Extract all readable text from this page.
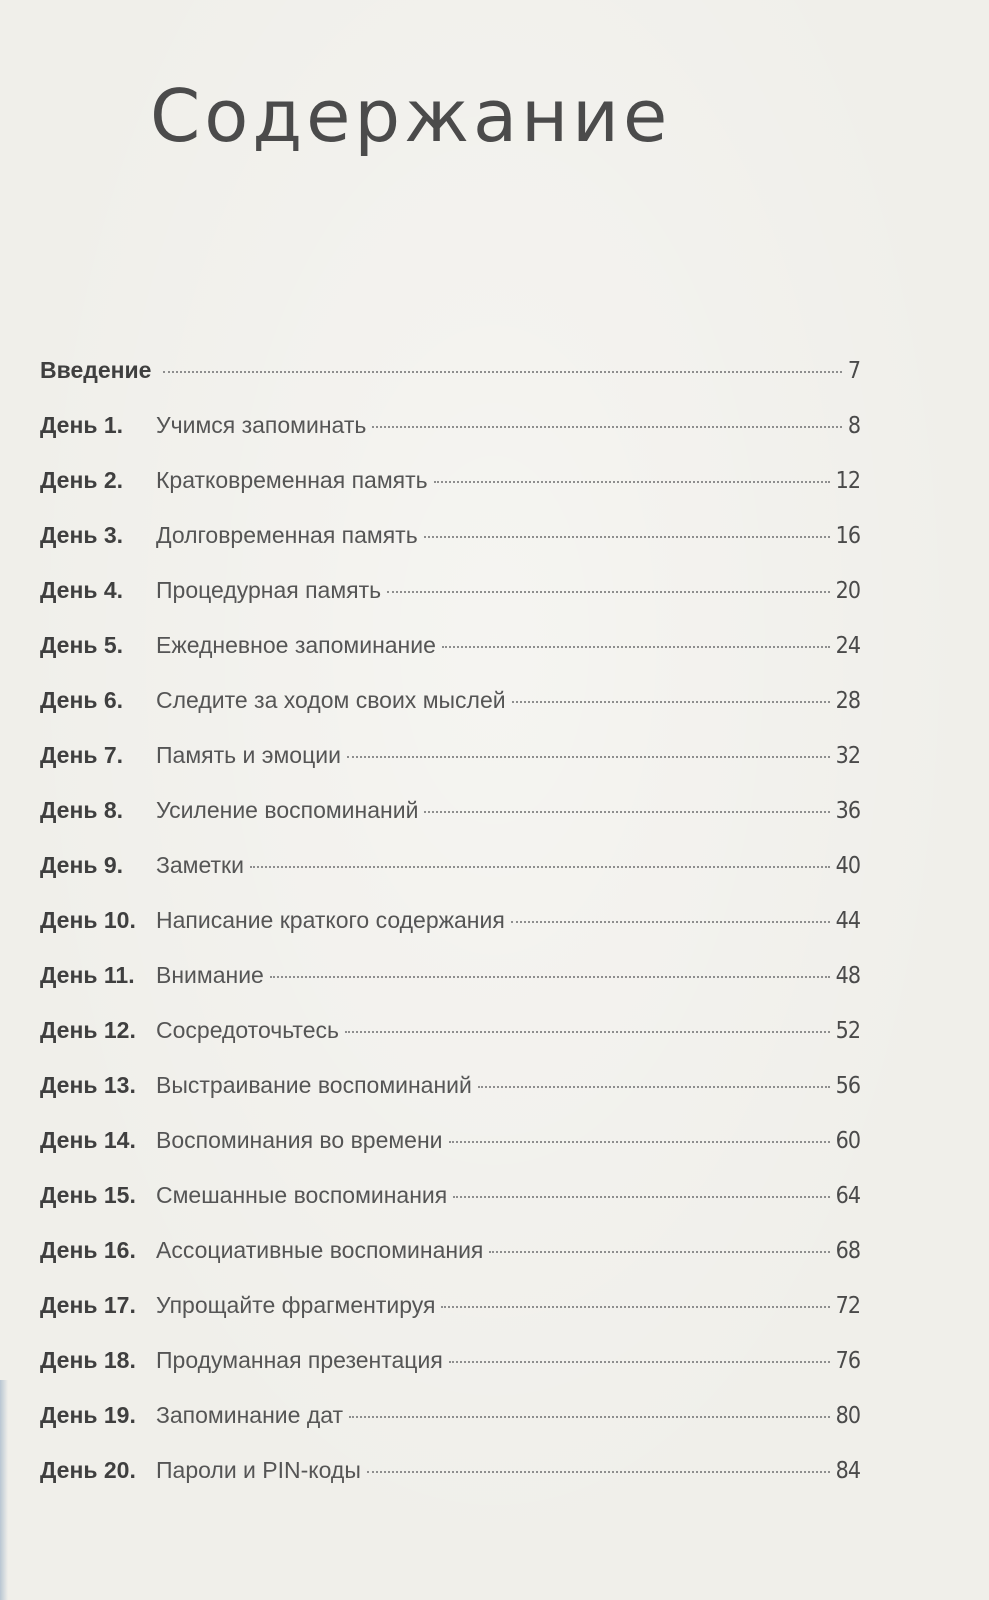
Содержание
Введение	7
День 1.	Учимся запоминать	8
День 2.	Кратковременная память	12
День 3.	Долговременная память	16
День 4.	Процедурная память	20
День 5.	Ежедневное запоминание	24
День 6.	Следите за ходом своих мыслей	28
День 7.	Память и эмоции	32
День 8.	Усиление воспоминаний	36
День 9.	Заметки	40
День 10. Написание краткого содержания	44
День 11. Внимание	48
День 12. Сосредоточьтесь	52
День 13. Выстраивание воспоминаний	56
День 14. Воспоминания во времени	60
День 15. Смешанные воспоминания	64
День 16. Ассоциативные воспоминания	68
День 17. Упрощайте фрагментируя	72
День 18. Продуманная презентация	76
День 19. Запоминание дат	80
День 20. Пароли и PIN-коды	84
